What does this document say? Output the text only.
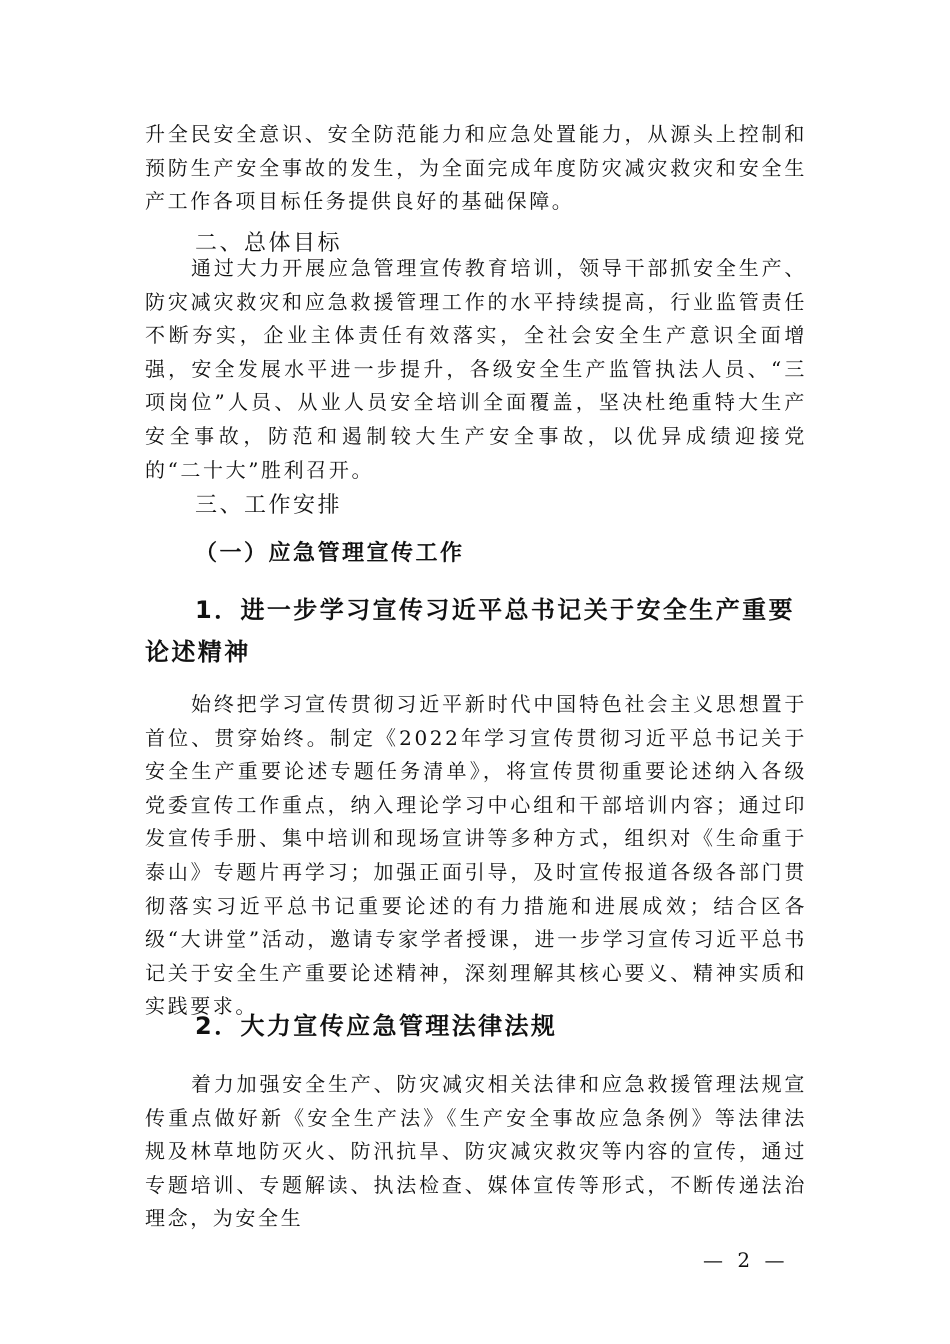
升全民安全意识、安全防范能力和应急处置能力，从源头上控制和预防生产安全事故的发生，为全面完成年度防灾减灾救灾和安全生产工作各项目标任务提供良好的基础保障。

二、总体目标

通过大力开展应急管理宣传教育培训，领导干部抓安全生产、防灾减灾救灾和应急救援管理工作的水平持续提高，行业监管责任不断夯实，企业主体责任有效落实，全社会安全生产意识全面增强，安全发展水平进一步提升，各级安全生产监管执法人员、“三项岗位”人员、从业人员安全培训全面覆盖，坚决杜绝重特大生产安全事故，防范和遏制较大生产安全事故，以优异成绩迎接党的“二十大”胜利召开。

三、工作安排

（一）应急管理宣传工作

1．进一步学习宣传习近平总书记关于安全生产重要论述精神

始终把学习宣传贯彻习近平新时代中国特色社会主义思想置于首位、贯穿始终。制定《2022年学习宣传贯彻习近平总书记关于安全生产重要论述专题任务清单》，将宣传贯彻重要论述纳入各级党委宣传工作重点，纳入理论学习中心组和干部培训内容；通过印发宣传手册、集中培训和现场宣讲等多种方式，组织对《生命重于泰山》专题片再学习；加强正面引导，及时宣传报道各级各部门贯彻落实习近平总书记重要论述的有力措施和进展成效；结合区各级“大讲堂”活动，邀请专家学者授课，进一步学习宣传习近平总书记关于安全生产重要论述精神，深刻理解其核心要义、精神实质和实践要求。

2．大力宣传应急管理法律法规

着力加强安全生产、防灾减灾相关法律和应急救援管理法规宣传重点做好新《安全生产法》《生产安全事故应急条例》等法律法规及林草地防灭火、防汛抗旱、防灾减灾救灾等内容的宣传，通过专题培训、专题解读、执法检查、媒体宣传等形式，不断传递法治理念，为安全生

— 2 —
